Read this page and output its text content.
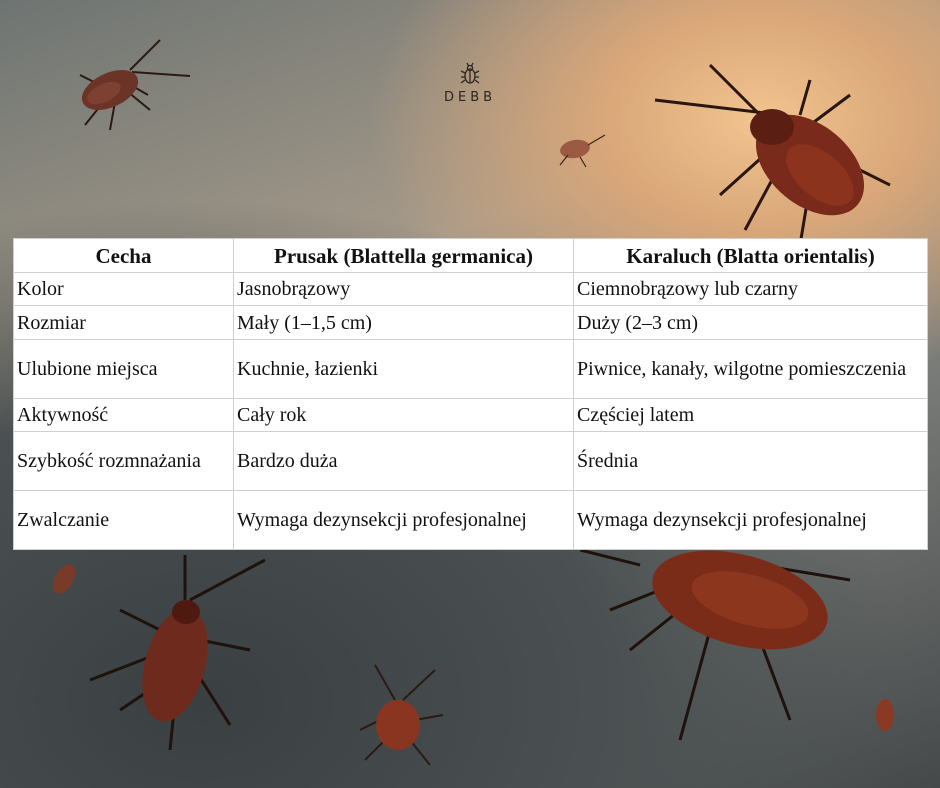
DEBB
Cecha	Prusak (Blattella germanica)	Karaluch (Blatta orientalis)
Kolor	Jasnobrązowy	Ciemnobrązowy lub czarny
Rozmiar	Mały (1–1,5 cm)	Duży (2–3 cm)
Ulubione miejsca	Kuchnie, łazienki	Piwnice, kanały, wilgotne pomieszczenia
Aktywność	Cały rok	Częściej latem
Szybkość rozmnażania	Bardzo duża	Średnia
Zwalczanie	Wymaga dezynsekcji profesjonalnej	Wymaga dezynsekcji profesjonalnej
